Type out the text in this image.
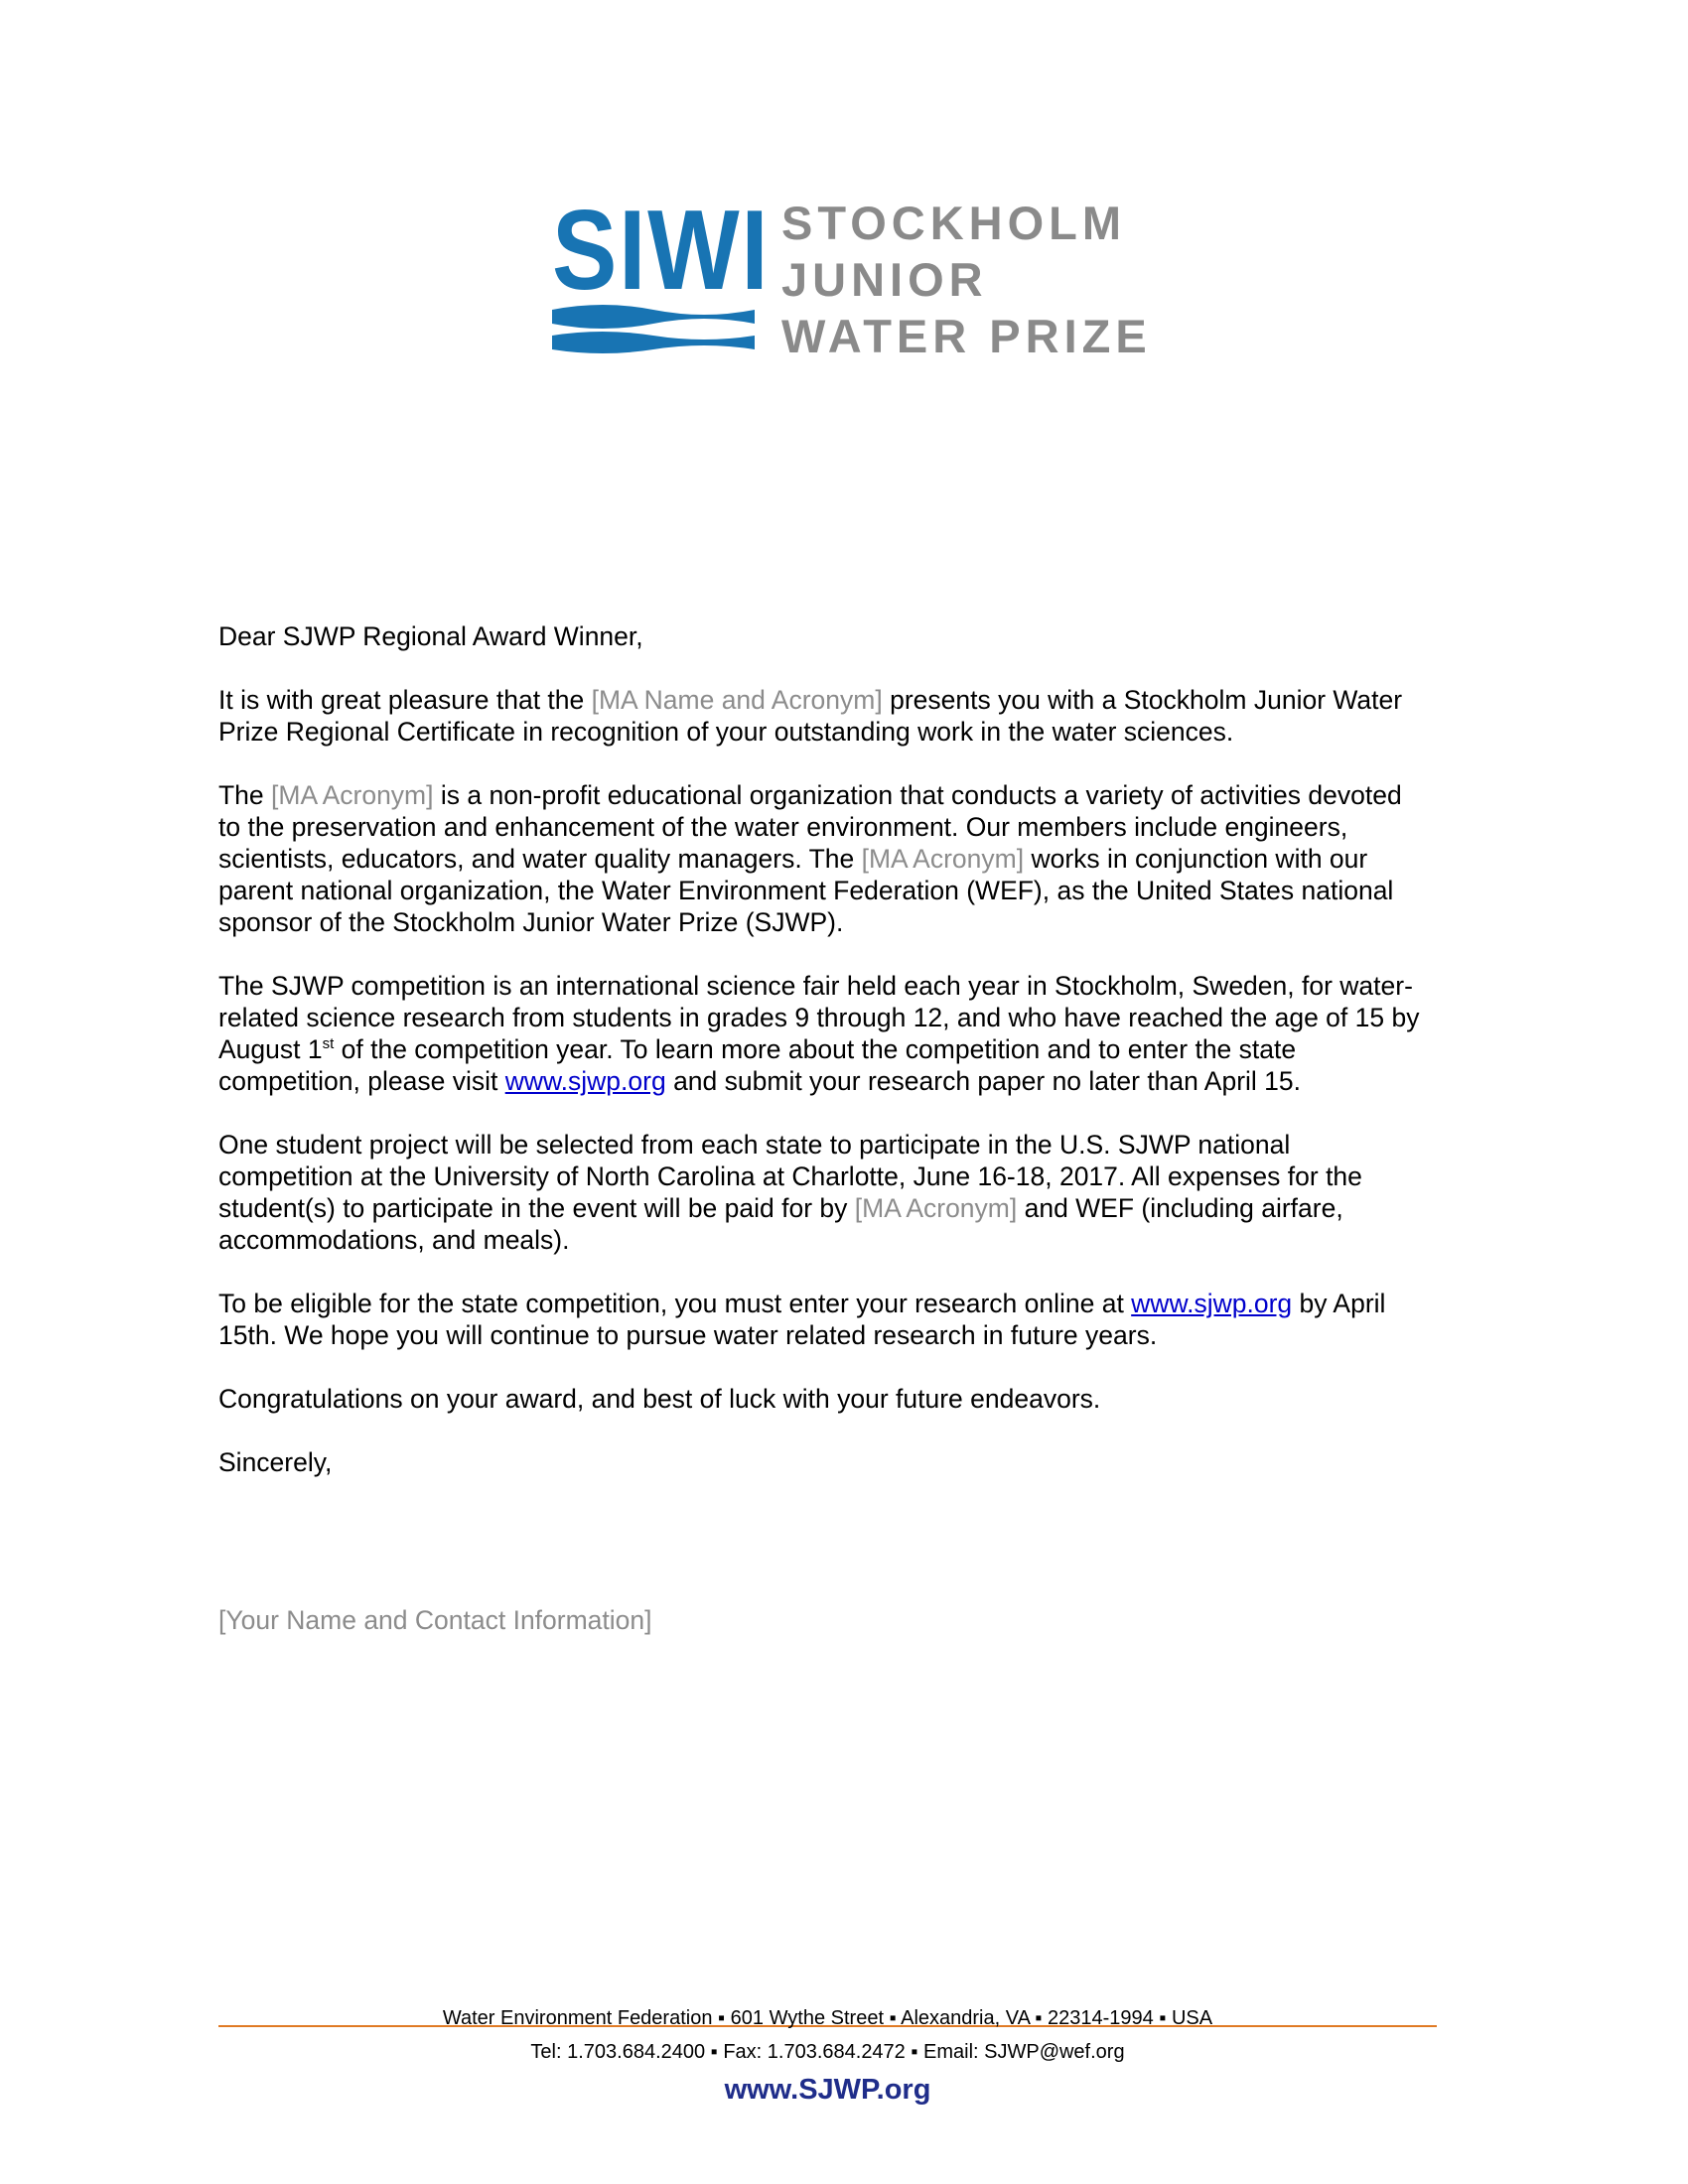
SIWI STOCKHOLM
JUNIOR
WATER PRIZE

Dear SJWP Regional Award Winner,

It is with great pleasure that the [MA Name and Acronym] presents you with a Stockholm Junior Water Prize Regional Certificate in recognition of your outstanding work in the water sciences.

The [MA Acronym] is a non-profit educational organization that conducts a variety of activities devoted to the preservation and enhancement of the water environment. Our members include engineers, scientists, educators, and water quality managers. The [MA Acronym] works in conjunction with our parent national organization, the Water Environment Federation (WEF), as the United States national sponsor of the Stockholm Junior Water Prize (SJWP).

The SJWP competition is an international science fair held each year in Stockholm, Sweden, for water-related science research from students in grades 9 through 12, and who have reached the age of 15 by August 1st of the competition year. To learn more about the competition and to enter the state competition, please visit www.sjwp.org and submit your research paper no later than April 15.

One student project will be selected from each state to participate in the U.S. SJWP national competition at the University of North Carolina at Charlotte, June 16-18, 2017. All expenses for the student(s) to participate in the event will be paid for by [MA Acronym] and WEF (including airfare, accommodations, and meals).

To be eligible for the state competition, you must enter your research online at www.sjwp.org by April 15th. We hope you will continue to pursue water related research in future years.

Congratulations on your award, and best of luck with your future endeavors.

Sincerely,

[Your Name and Contact Information]
Water Environment Federation ▪ 601 Wythe Street ▪ Alexandria, VA ▪ 22314-1994 ▪ USA
Tel: 1.703.684.2400 ▪ Fax: 1.703.684.2472 ▪ Email: SJWP@wef.org
www.SJWP.org
